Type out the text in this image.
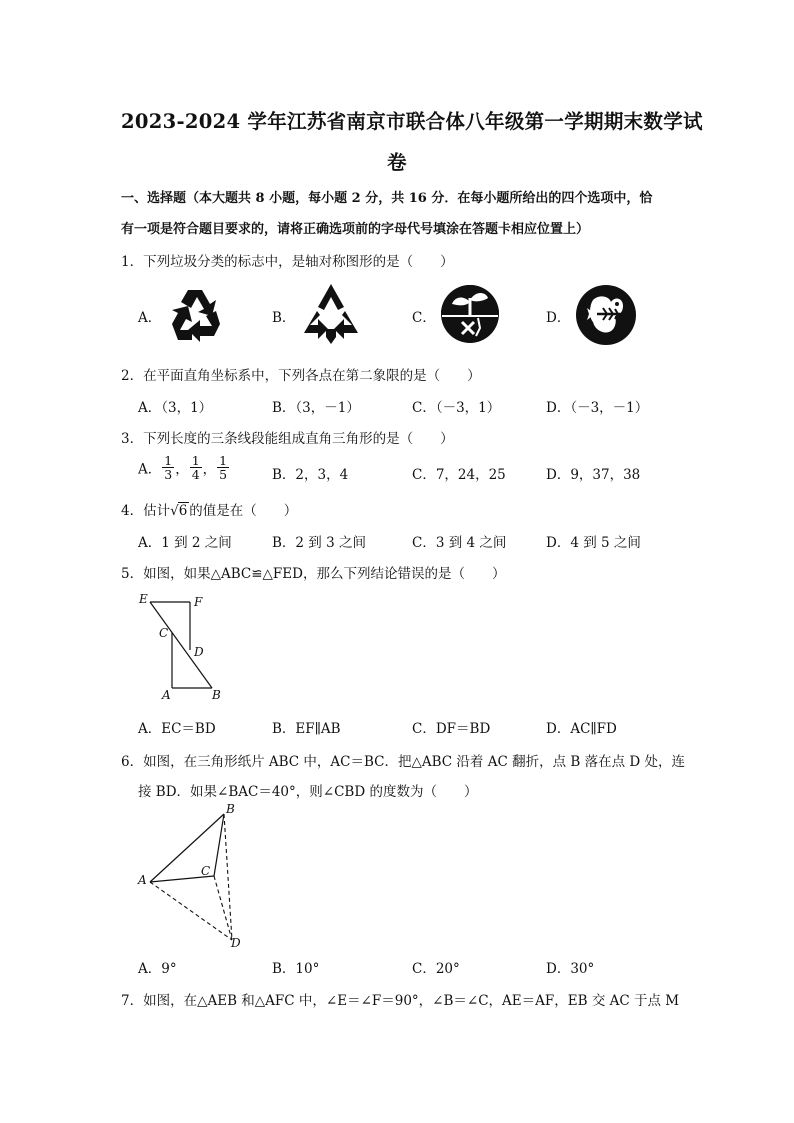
2023-2024 学年江苏省南京市联合体八年级第一学期期末数学试
卷
一、选择题（本大题共 8 小题，每小题 2 分，共 16 分．在每小题所给出的四个选项中，恰
有一项是符合题目要求的，请将正确选项前的字母代号填涂在答题卡相应位置上）
1．下列垃圾分类的标志中，是轴对称图形的是（　　）
A．	B．	C．	D．
2．在平面直角坐标系中，下列各点在第二象限的是（　　）
A．（3，1）	B．（3，－1）	C．（－3，1）	D．（－3，－1）
3．下列长度的三条线段能组成直角三角形的是（　　）
A． $\frac{1}{3}$ ， $\frac{1}{4}$ ， $\frac{1}{5}$	B．2，3，4	C．7，24，25	D．9，37，38
4．估计 √ 6 的值是在（　　）
A．1 到 2 之间	B．2 到 3 之间	C．3 到 4 之间	D．4 到 5 之间
5．如图，如果△ABC≌△FED，那么下列结论错误的是（　　）
E	F
C
D
A	B
A．EC＝BD	B．EF∥AB	C．DF＝BD	D．AC∥FD
6．如图，在三角形纸片 ABC 中，AC＝BC．把△ABC 沿着 AC 翻折，点 B 落在点 D 处，连
接 BD．如果∠BAC＝40°，则∠CBD 的度数为（　　）
B
C
A
D
A．9°	B．10°	C．20°	D．30°
7．如图，在△AEB 和△AFC 中，∠E＝∠F＝90°，∠B＝∠C，AE＝AF，EB 交 AC 于点 M
